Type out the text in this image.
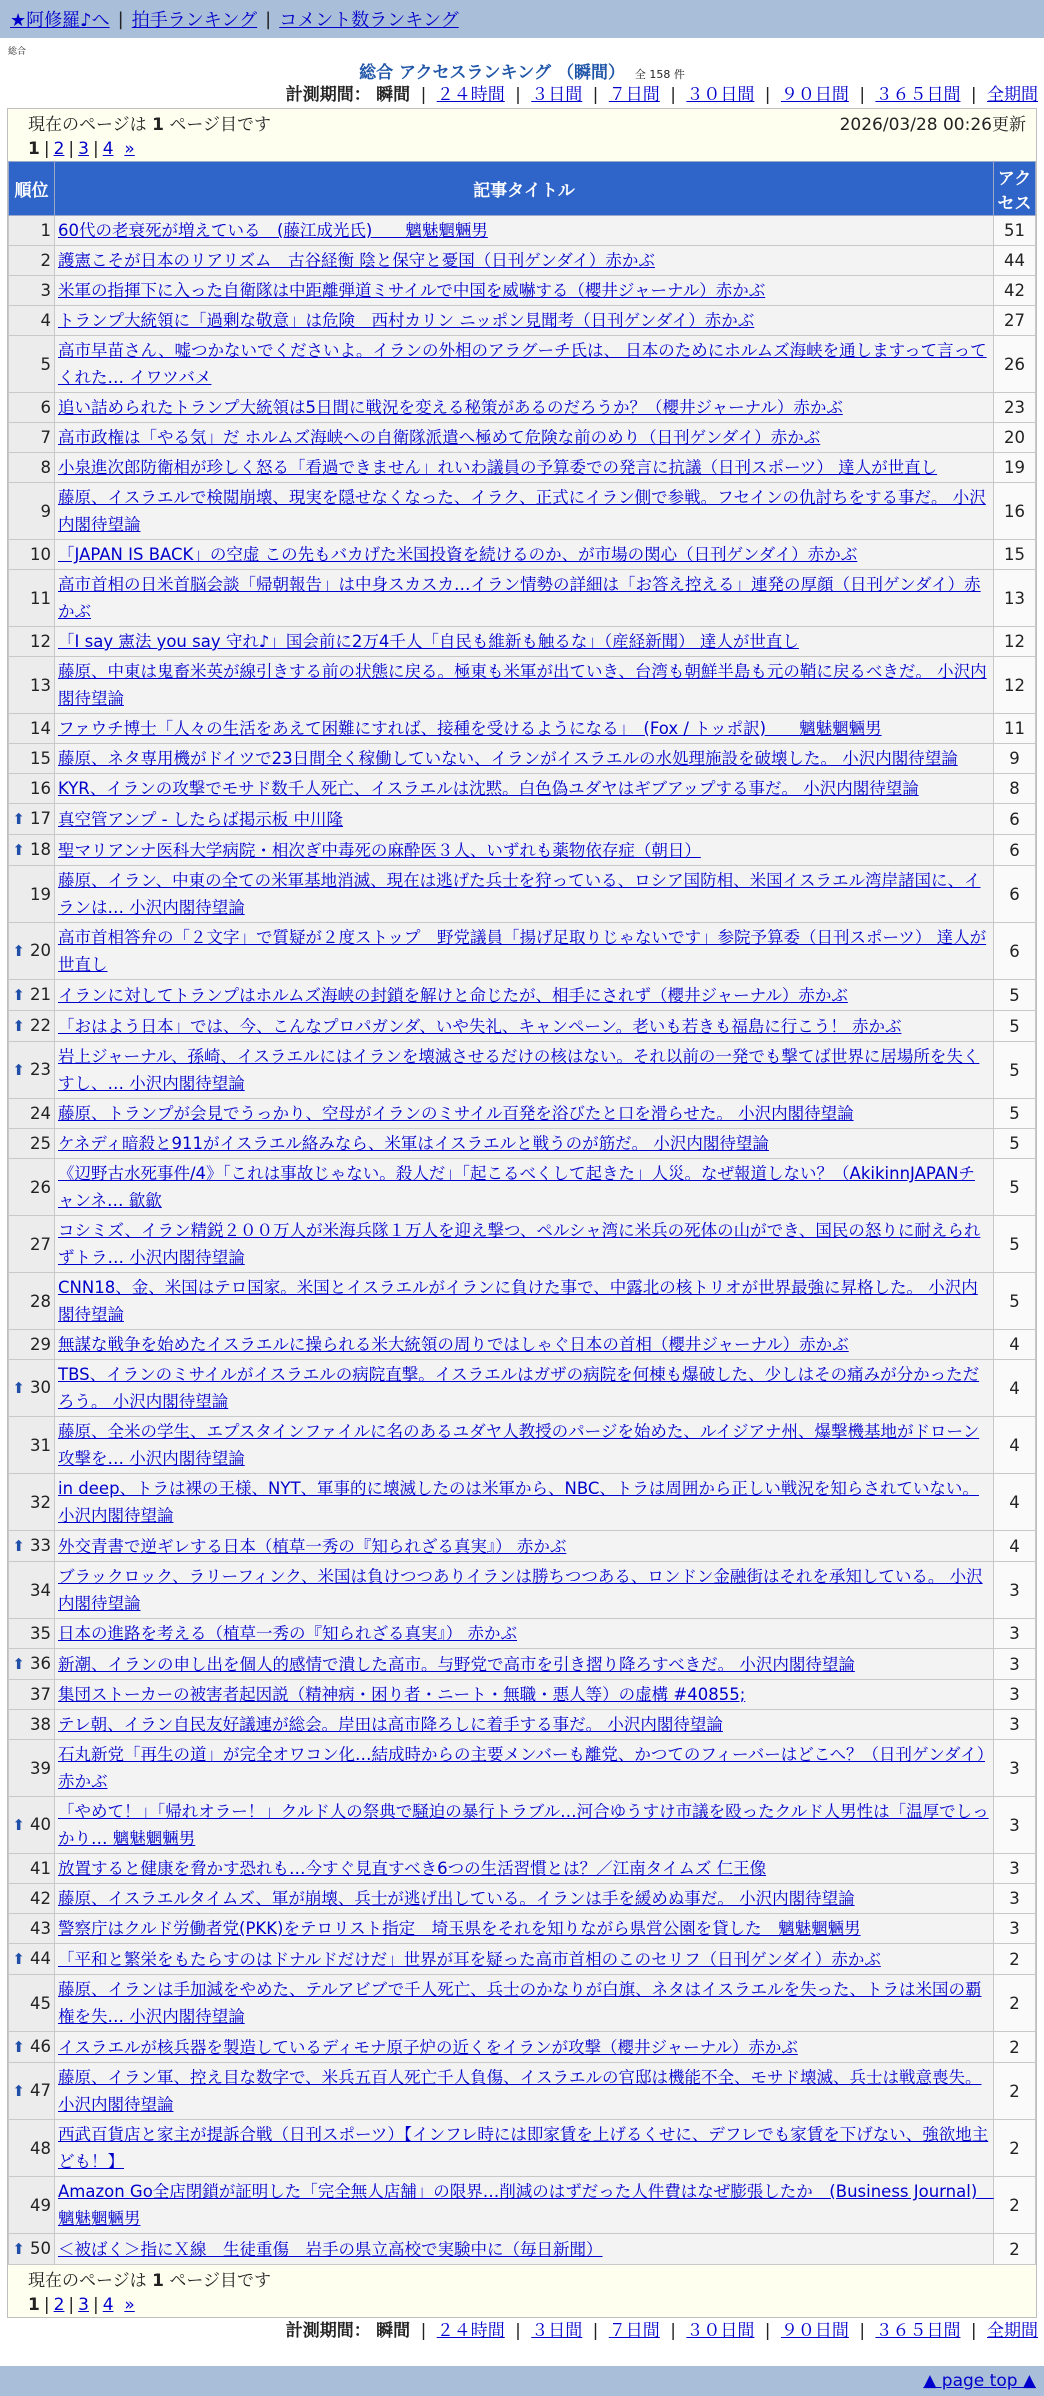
★阿修羅♪へ | 拍手ランキング | コメント数ランキング
総合
総合 アクセスランキング （瞬間） 全 158 件
計測期間： 瞬間 | ２４時間 | ３日間 | ７日間 | ３０日間 | ９０日間 | ３６５日間 | 全期間
現在のページは 1 ページ目です	2026/03/28 00:26更新
1 | 2 | 3 | 4 »
順位	記事タイトル	アクセス
1	60代の老衰死が増えている　(藤江成光氏)　　魑魅魍魎男	51
2	護憲こそが日本のリアリズム　古谷経衡 陰と保守と憂国（日刊ゲンダイ）赤かぶ	44
3	米軍の指揮下に入った自衛隊は中距離弾道ミサイルで中国を威嚇する（櫻井ジャーナル）赤かぶ	42
4	トランプ大統領に「過剰な敬意」は危険　西村カリン ニッポン見聞考（日刊ゲンダイ）赤かぶ	27
5	高市早苗さん、嘘つかないでくださいよ。イランの外相のアラグーチ氏は、 日本のためにホルムズ海峡を通しますって言ってくれた… イワツバメ	26
6	追い詰められたトランプ大統領は5日間に戦況を変える秘策があるのだろうか？（櫻井ジャーナル）赤かぶ	23
7	高市政権は「やる気」だ ホルムズ海峡への自衛隊派遣へ極めて危険な前のめり（日刊ゲンダイ）赤かぶ	20
8	小泉進次郎防衛相が珍しく怒る「看過できません」れいわ議員の予算委での発言に抗議（日刊スポーツ） 達人が世直し	19
9	藤原、イスラエルで検閲崩壊、現実を隠せなくなった、イラク、正式にイラン側で参戦。フセインの仇討ちをする事だ。 小沢内閣待望論	16
10	「JAPAN IS BACK」の空虚 この先もバカげた米国投資を続けるのか、が市場の関心（日刊ゲンダイ）赤かぶ	15
11	高市首相の日米首脳会談「帰朝報告」は中身スカスカ…イラン情勢の詳細は「お答え控える」連発の厚顔（日刊ゲンダイ）赤かぶ	13
12	「I say 憲法 you say 守れ♪」国会前に2万4千人「自民も維新も触るな」（産経新聞） 達人が世直し	12
13	藤原、中東は鬼畜米英が線引きする前の状態に戻る。極東も米軍が出ていき、台湾も朝鮮半島も元の鞘に戻るべきだ。 小沢内閣待望論	12
14	ファウチ博士「人々の生活をあえて困難にすれば、接種を受けるようになる」　(Fox / トッポ訳)　　魑魅魍魎男	11
15	藤原、ネタ専用機がドイツで23日間全く稼働していない、イランがイスラエルの水処理施設を破壊した。 小沢内閣待望論	9
16	KYR、イランの攻撃でモサド数千人死亡、イスラエルは沈黙。白色偽ユダヤはギブアップする事だ。 小沢内閣待望論	8
⬆ 17	真空管アンプ - したらば掲示板 中川隆	6
⬆ 18	聖マリアンナ医科大学病院・相次ぎ中毒死の麻酔医３人、いずれも薬物依存症（朝日）	6
19	藤原、イラン、中東の全ての米軍基地消滅、現在は逃げた兵士を狩っている、ロシア国防相、米国イスラエル湾岸諸国に、イランは… 小沢内閣待望論	6
⬆ 20	高市首相答弁の「２文字」で質疑が２度ストップ　野党議員「揚げ足取りじゃないです」参院予算委（日刊スポーツ） 達人が世直し	6
⬆ 21	イランに対してトランプはホルムズ海峡の封鎖を解けと命じたが、相手にされず（櫻井ジャーナル）赤かぶ	5
⬆ 22	「おはよう日本」では、今、こんなプロパガンダ、いや失礼、キャンペーン。老いも若きも福島に行こう！ 赤かぶ	5
⬆ 23	岩上ジャーナル、孫崎、イスラエルにはイランを壊滅させるだけの核はない。それ以前の一発でも撃てば世界に居場所を失くすし、… 小沢内閣待望論	5
24	藤原、トランプが会見でうっかり、空母がイランのミサイル百発を浴びたと口を滑らせた。 小沢内閣待望論	5
25	ケネディ暗殺と911がイスラエル絡みなら、米軍はイスラエルと戦うのが筋だ。 小沢内閣待望論	5
26	《辺野古水死事件/4》「これは事故じゃない。殺人だ」「起こるべくして起きた」人災。なぜ報道しない？（AkikinnJAPANチャンネ… 歙歙	5
27	コシミズ、イラン精鋭２００万人が米海兵隊１万人を迎え撃つ、ペルシャ湾に米兵の死体の山ができ、国民の怒りに耐えられずトラ… 小沢内閣待望論	5
28	CNN18、金、米国はテロ国家。米国とイスラエルがイランに負けた事で、中露北の核トリオが世界最強に昇格した。 小沢内閣待望論	5
29	無謀な戦争を始めたイスラエルに操られる米大統領の周りではしゃぐ日本の首相（櫻井ジャーナル）赤かぶ	4
⬆ 30	TBS、イランのミサイルがイスラエルの病院直撃。イスラエルはガザの病院を何棟も爆破した、少しはその痛みが分かっただろう。 小沢内閣待望論	4
31	藤原、全米の学生、エプスタインファイルに名のあるユダヤ人教授のパージを始めた、ルイジアナ州、爆撃機基地がドローン攻撃を… 小沢内閣待望論	4
32	in deep、トラは裸の王様、NYT、軍事的に壊滅したのは米軍から、NBC、トラは周囲から正しい戦況を知らされていない。 小沢内閣待望論	4
⬆ 33	外交青書で逆ギレする日本（植草一秀の『知られざる真実』） 赤かぶ	4
34	ブラックロック、ラリーフィンク、米国は負けつつありイランは勝ちつつある、ロンドン金融街はそれを承知している。 小沢内閣待望論	3
35	日本の進路を考える（植草一秀の『知られざる真実』） 赤かぶ	3
⬆ 36	新潮、イランの申し出を個人的感情で潰した高市。与野党で高市を引き摺り降ろすべきだ。 小沢内閣待望論	3
37	集団ストーカーの被害者起因説（精神病・困り者・ニート・無職・悪人等）の虚構 #40855;	3
38	テレ朝、イラン自民友好議連が総会。岸田は高市降ろしに着手する事だ。 小沢内閣待望論	3
39	石丸新党「再生の道」が完全オワコン化…結成時からの主要メンバーも離党、かつてのフィーバーはどこへ？（日刊ゲンダイ）赤かぶ	3
⬆ 40	「やめて！」「帰れオラー！」クルド人の祭典で騒迫の暴行トラブル…河合ゆうすけ市議を殴ったクルド人男性は「温厚でしっかり… 魑魅魍魎男	3
41	放置すると健康を脅かす恐れも…今すぐ見直すべき6つの生活習慣とは？／江南タイムズ 仁王像	3
42	藤原、イスラエルタイムズ、軍が崩壊、兵士が逃げ出している。イランは手を緩めぬ事だ。 小沢内閣待望論	3
43	警察庁はクルド労働者党(PKK)をテロリスト指定　埼玉県をそれを知りながら県営公園を貸した　魑魅魍魎男	3
⬆ 44	「平和と繁栄をもたらすのはドナルドだけだ」世界が耳を疑った高市首相のこのセリフ（日刊ゲンダイ）赤かぶ	2
45	藤原、イランは手加減をやめた、テルアビブで千人死亡、兵士のかなりが白旗、ネタはイスラエルを失った、トラは米国の覇権を失… 小沢内閣待望論	2
⬆ 46	イスラエルが核兵器を製造しているディモナ原子炉の近くをイランが攻撃（櫻井ジャーナル）赤かぶ	2
⬆ 47	藤原、イラン軍、控え目な数字で、米兵五百人死亡千人負傷、イスラエルの官邸は機能不全、モサド壊滅、兵士は戦意喪失。 小沢内閣待望論	2
48	西武百貨店と家主が提訴合戦（日刊スポーツ）【インフレ時には即家賃を上げるくせに、デフレでも家賃を下げない、強欲地主ども！】	2
49	Amazon Go全店閉鎖が証明した「完全無人店舗」の限界…削減のはずだった人件費はなぜ膨張したか　(Business Journal)　魑魅魍魎男	2
⬆ 50	＜被ばく＞指にＸ線　生徒重傷　岩手の県立高校で実験中に（毎日新聞）	2
現在のページは 1 ページ目です
1 | 2 | 3 | 4 »
計測期間： 瞬間 | ２４時間 | ３日間 | ７日間 | ３０日間 | ９０日間 | ３６５日間 | 全期間
▲ page top ▲
